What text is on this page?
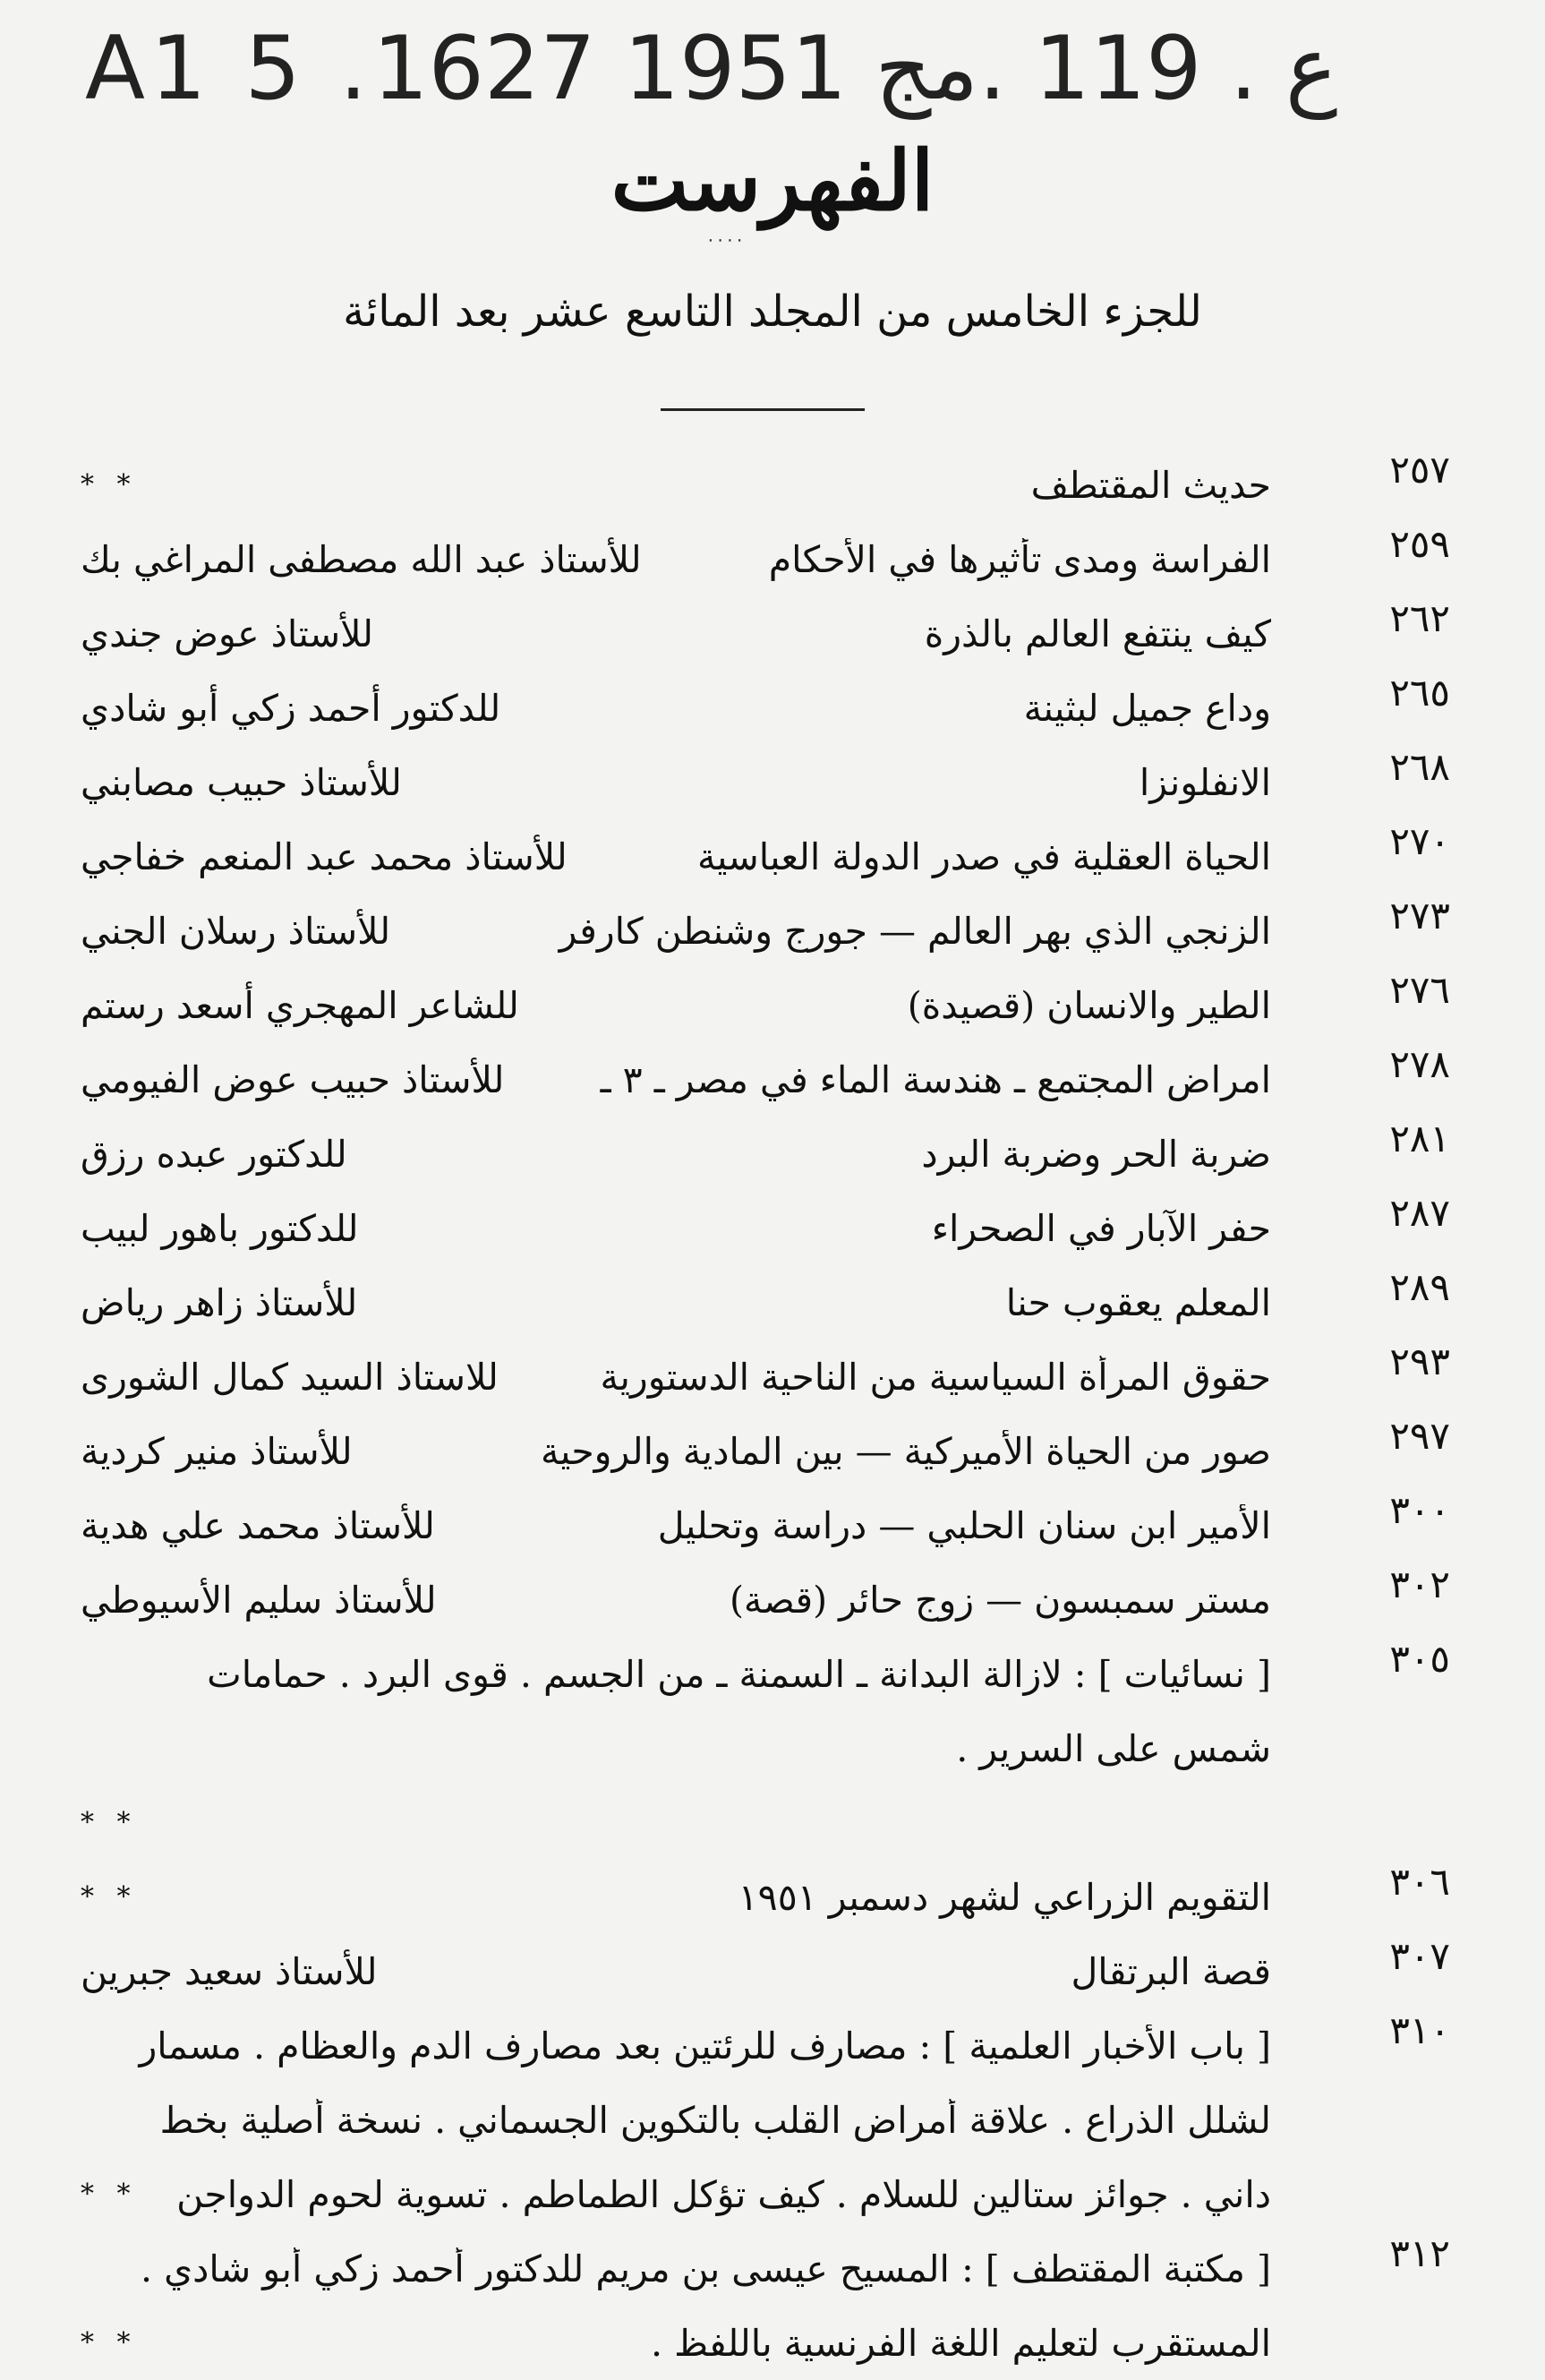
A1 5 .ع . 119 .مج 1951 1627
الفهرست
٠٠٠٠
للجزء الخامس من المجلد التاسع عشر بعد المائة
٢٥٧
حديث المقتطف
* *
٢٥٩
الفراسة ومدى تأثيرها في الأحكام
للأستاذ عبد الله مصطفى المراغي بك
٢٦٢
كيف ينتفع العالم بالذرة
للأستاذ عوض جندي
٢٦٥
وداع جميل لبثينة
للدكتور أحمد زكي أبو شادي
٢٦٨
الانفلونزا
للأستاذ حبيب مصابني
٢٧٠
الحياة العقلية في صدر الدولة العباسية
للأستاذ محمد عبد المنعم خفاجي
٢٧٣
الزنجي الذي بهر العالم — جورج وشنطن كارفر
للأستاذ رسلان الجني
٢٧٦
الطير والانسان (قصيدة)
للشاعر المهجري أسعد رستم
٢٧٨
امراض المجتمع ـ هندسة الماء في مصر ـ ٣ ـ
للأستاذ حبيب عوض الفيومي
٢٨١
ضربة الحر وضربة البرد
للدكتور عبده رزق
٢٨٧
حفر الآبار في الصحراء
للدكتور باهور لبيب
٢٨٩
المعلم يعقوب حنا
للأستاذ زاهر رياض
٢٩٣
حقوق المرأة السياسية من الناحية الدستورية
للاستاذ السيد كمال الشورى
٢٩٧
صور من الحياة الأميركية — بين المادية والروحية
للأستاذ منير كردية
٣٠٠
الأمير ابن سنان الحلبي — دراسة وتحليل
للأستاذ محمد علي هدية
٣٠٢
مستر سمبسون — زوج حائر (قصة)
للأستاذ سليم الأسيوطي
٣٠٥
[ نسائيات ] : لازالة البدانة ـ السمنة ـ من الجسم . قوى البرد . حمامات
شمس على السرير .
* *
٣٠٦
التقويم الزراعي لشهر دسمبر ١٩٥١
* *
٣٠٧
قصة البرتقال
للأستاذ سعيد جبرين
٣١٠
[ باب الأخبار العلمية ] : مصارف للرئتين بعد مصارف الدم والعظام . مسمار
لشلل الذراع . علاقة أمراض القلب بالتكوين الجسماني . نسخة أصلية بخط
داني . جوائز ستالين للسلام . كيف تؤكل الطماطم . تسوية لحوم الدواجن
* *
٣١٢
[ مكتبة المقتطف ] : المسيح عيسى بن مريم للدكتور أحمد زكي أبو شادي .
المستقرب لتعليم اللغة الفرنسية باللفظ .
* *
